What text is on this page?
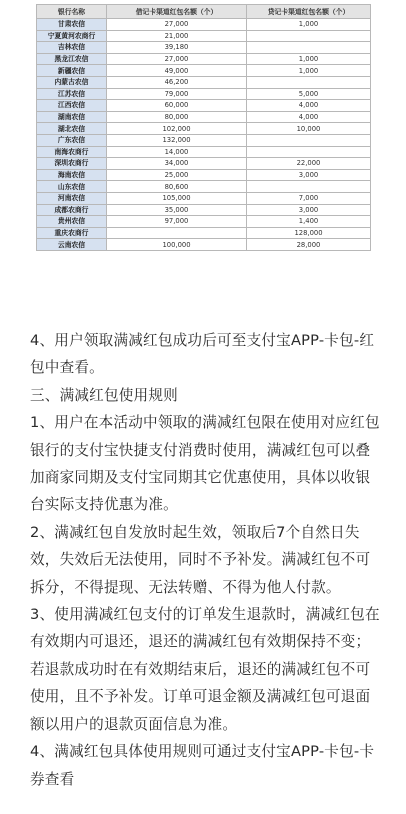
银行名称	借记卡渠道红包名额（个）	贷记卡渠道红包名额（个）
甘肃农信	27,000	1,000
宁夏黄河农商行	21,000	
吉林农信	39,180	
黑龙江农信	27,000	1,000
新疆农信	49,000	1,000
内蒙古农信	46,200	
江苏农信	79,000	5,000
江西农信	60,000	4,000
湖南农信	80,000	4,000
湖北农信	102,000	10,000
广东农信	132,000	
南海农商行	14,000	
深圳农商行	34,000	22,000
海南农信	25,000	3,000
山东农信	80,600	
河南农信	105,000	7,000
成都农商行	35,000	3,000
贵州农信	97,000	1,400
重庆农商行		128,000
云南农信	100,000	28,000

4、用户领取满减红包成功后可至支付宝APP-卡包-红包中查看。

三、满减红包使用规则

1、用户在本活动中领取的满减红包限在使用对应红包银行的支付宝快捷支付消费时使用，满减红包可以叠加商家同期及支付宝同期其它优惠使用，具体以收银台实际支持优惠为准。

2、满减红包自发放时起生效，领取后7个自然日失效，失效后无法使用，同时不予补发。满减红包不可拆分，不得提现、无法转赠、不得为他人付款。

3、使用满减红包支付的订单发生退款时，满减红包在有效期内可退还，退还的满减红包有效期保持不变；若退款成功时在有效期结束后，退还的满减红包不可使用，且不予补发。订单可退金额及满减红包可退面额以用户的退款页面信息为准。

4、满减红包具体使用规则可通过支付宝APP-卡包-卡券查看
